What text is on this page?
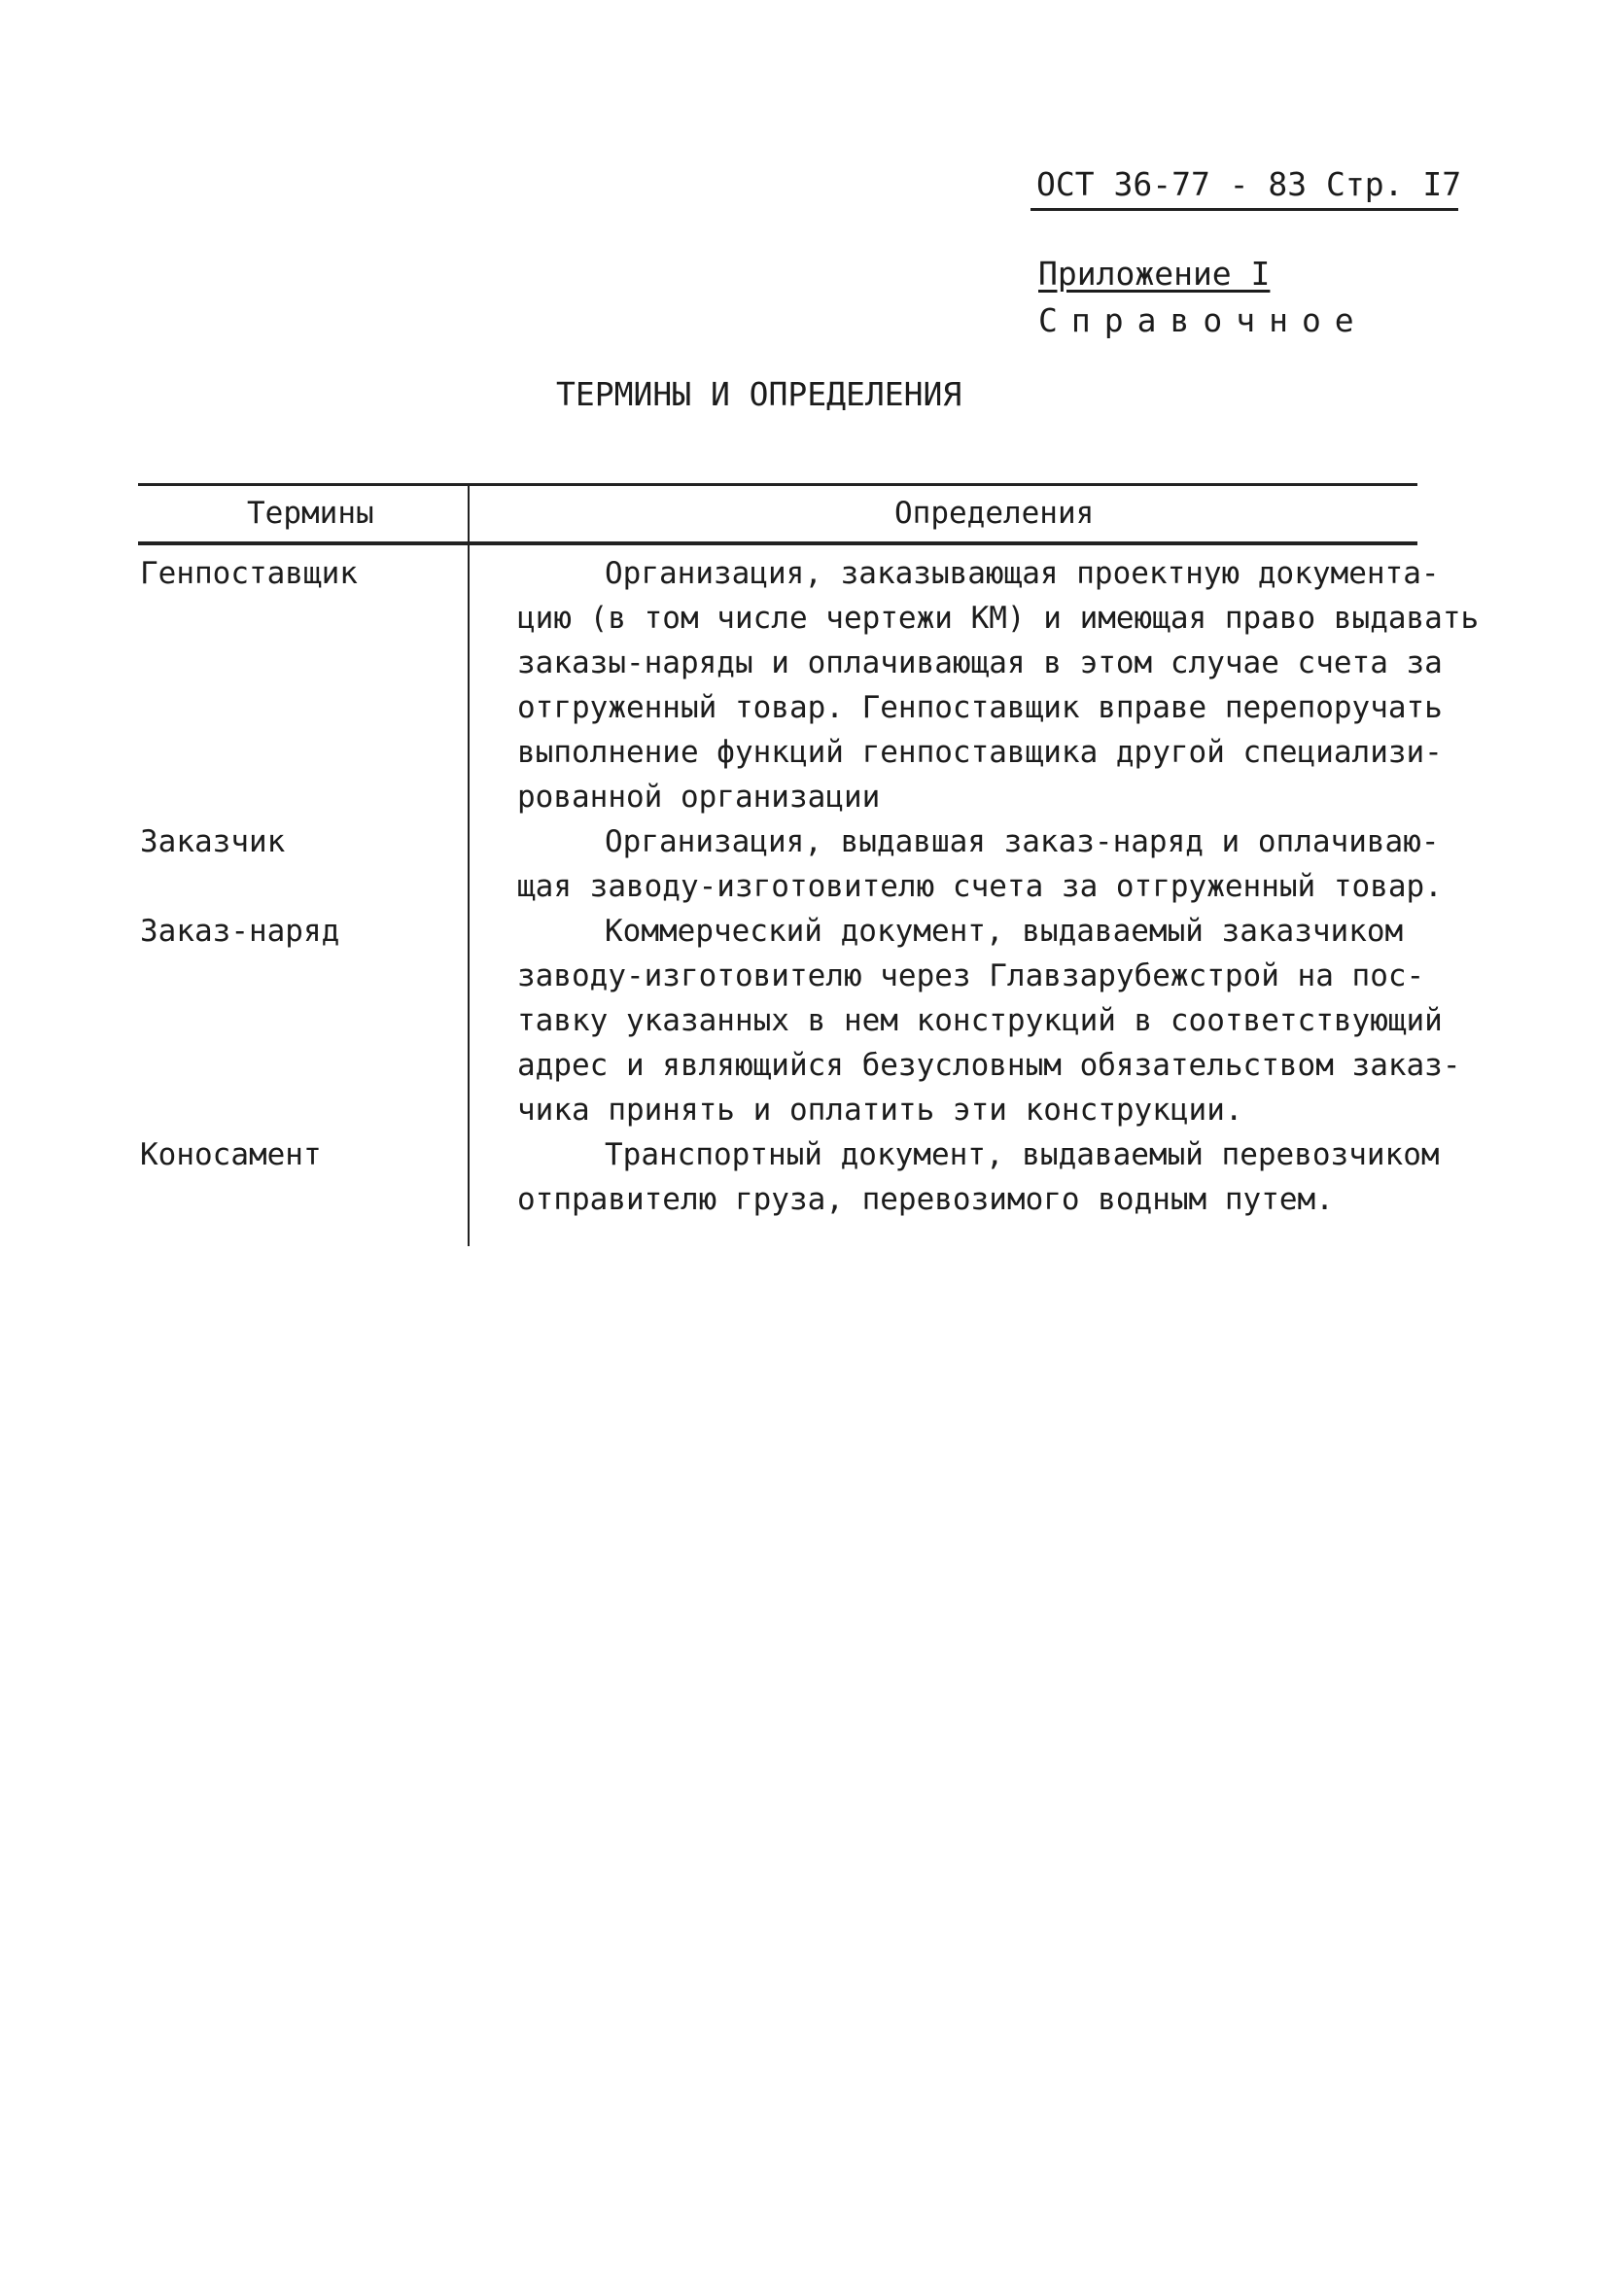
ОСТ 36-77 - 83 Стр. I7
Приложение I
Справочное
ТЕРМИНЫ И ОПРЕДЕЛЕНИЯ
Термины	Определения
Генпоставщик	Организация, заказывающая проектную документа-
цию (в том числе чертежи КМ) и имеющая право выдавать
заказы-наряды и оплачивающая в этом случае счета за
отгруженный товар. Генпоставщик вправе перепоручать
выполнение функций генпоставщика другой специализи-
рованной организации
Заказчик	Организация, выдавшая заказ-наряд и оплачиваю-
щая заводу-изготовителю счета за отгруженный товар.
Заказ-наряд	Коммерческий документ, выдаваемый заказчиком
заводу-изготовителю через Главзарубежстрой на пос-
тавку указанных в нем конструкций в соответствующий
адрес и являющийся безусловным обязательством заказ-
чика принять и оплатить эти конструкции.
Коносамент	Транспортный документ, выдаваемый перевозчиком
отправителю груза, перевозимого водным путем.
